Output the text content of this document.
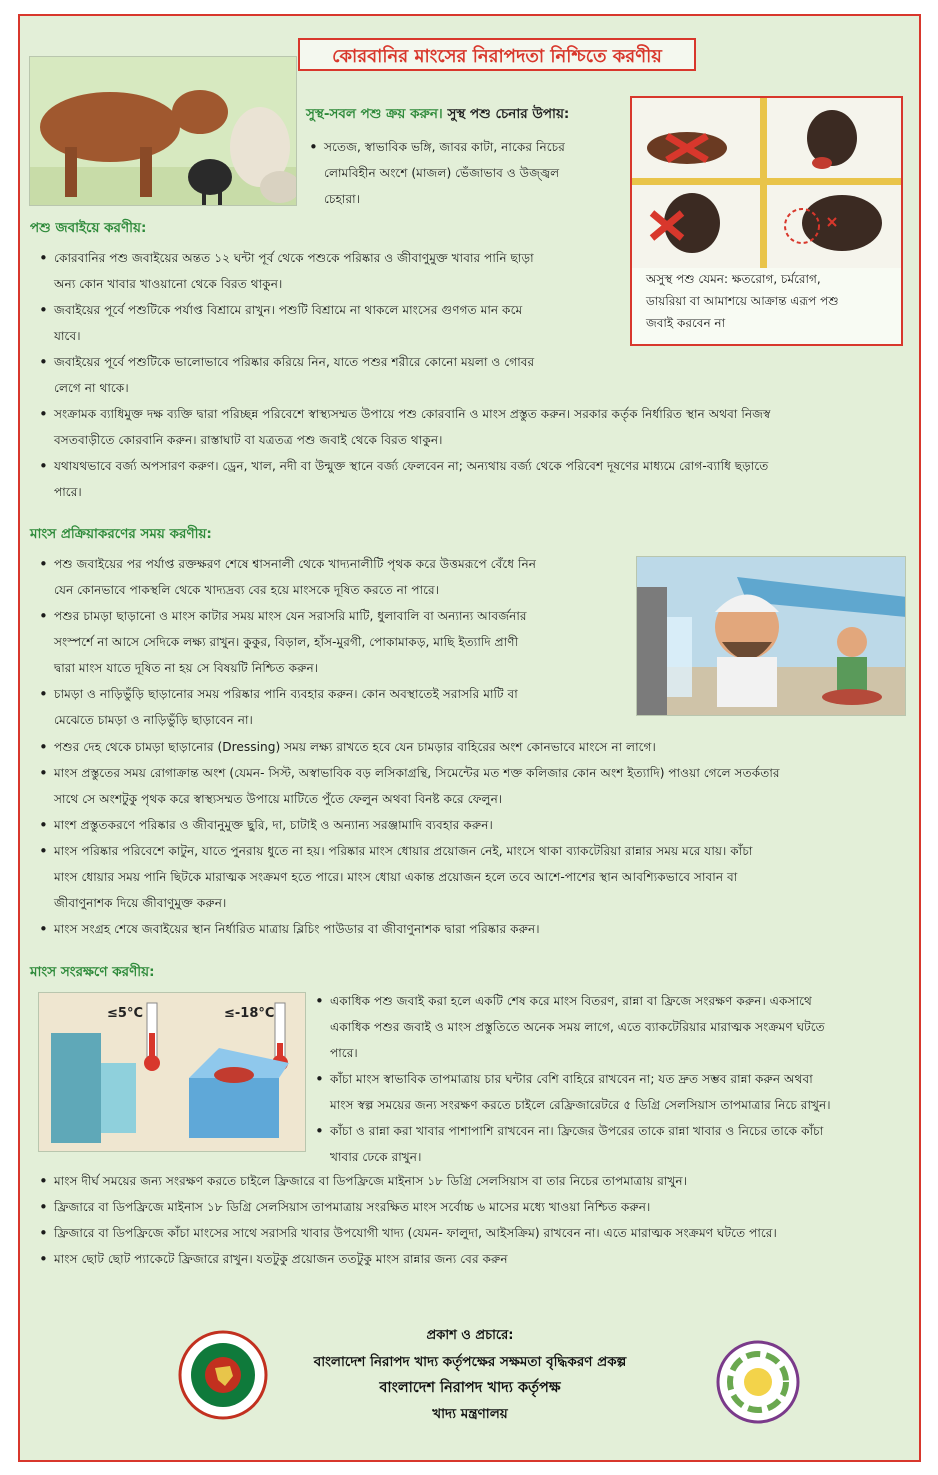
কোরবানির মাংসের নিরাপদতা নিশ্চিতে করণীয়
সুস্থ-সবল পশু ক্রয় করুন। সুস্থ পশু চেনার উপায়:
• সতেজ, স্বাভাবিক ভঙ্গি, জাবর কাটা, নাকের নিচের
লোমবিহীন অংশে (মাজল) ভেঁজাভাব ও উজ্জ্বল
চেহারা।
অসুস্থ পশু যেমন: ক্ষতরোগ, চর্মরোগ,
ডায়রিয়া বা আমাশয়ে আক্রান্ত এরূপ পশু
জবাই করবেন না
পশু জবাইয়ে করণীয়:
• কোরবানির পশু জবাইয়ের অন্তত ১২ ঘন্টা পূর্ব থেকে পশুকে পরিষ্কার ও জীবাণুমুক্ত খাবার পানি ছাড়া
অন্য কোন খাবার খাওয়ানো থেকে বিরত থাকুন।
• জবাইয়ের পূর্বে পশুটিকে পর্যাপ্ত বিশ্রামে রাখুন। পশুটি বিশ্রামে না থাকলে মাংসের গুণগত মান কমে
যাবে।
• জবাইয়ের পূর্বে পশুটিকে ভালোভাবে পরিষ্কার করিয়ে নিন, যাতে পশুর শরীরে কোনো ময়লা ও গোবর
লেগে না থাকে।
• সংক্রামক ব্যাধিমুক্ত দক্ষ ব্যক্তি দ্বারা পরিচ্ছন্ন পরিবেশে স্বাস্থ্যসম্মত উপায়ে পশু কোরবানি ও মাংস প্রস্তুত করুন। সরকার কর্তৃক নির্ধারিত স্থান অথবা নিজস্ব
বসতবাড়ীতে কোরবানি করুন। রাস্তাঘাট বা যত্রতত্র পশু জবাই থেকে বিরত থাকুন।
• যথাযথভাবে বর্জ্য অপসারণ করুণ। ড্রেন, খাল, নদী বা উন্মুক্ত স্থানে বর্জ্য ফেলবেন না; অন্যথায় বর্জ্য থেকে পরিবেশ দূষণের মাধ্যমে রোগ-ব্যাধি ছড়াতে
পারে।
মাংস প্রক্রিয়াকরণের সময় করণীয়:
• পশু জবাইয়ের পর পর্যাপ্ত রক্তক্ষরণ শেষে শ্বাসনালী থেকে খাদ্যনালীটি পৃথক করে উত্তমরূপে বেঁধে নিন
যেন কোনভাবে পাকস্থলি থেকে খাদ্যদ্রব্য বের হয়ে মাংসকে দূষিত করতে না পারে।
• পশুর চামড়া ছাড়ানো ও মাংস কাটার সময় মাংস যেন সরাসরি মাটি, ধুলাবালি বা অন্যান্য আবর্জনার
সংস্পর্শে না আসে সেদিকে লক্ষ্য রাখুন। কুকুর, বিড়াল, হাঁস-মুরগী, পোকামাকড়, মাছি ইত্যাদি প্রাণী
দ্বারা মাংস যাতে দূষিত না হয় সে বিষয়টি নিশ্চিত করুন।
• চামড়া ও নাড়িভুঁড়ি ছাড়ানোর সময় পরিষ্কার পানি ব্যবহার করুন। কোন অবস্থাতেই সরাসরি মাটি বা
মেঝেতে চামড়া ও নাড়িভুঁড়ি ছাড়াবেন না।
• পশুর দেহ থেকে চামড়া ছাড়ানোর (Dressing) সময় লক্ষ্য রাখতে হবে যেন চামড়ার বাহিরের অংশ কোনভাবে মাংসে না লাগে।
• মাংস প্রস্তুতের সময় রোগাক্রান্ত অংশ (যেমন- সিস্ট, অস্বাভাবিক বড় লসিকাগ্রন্থি, সিমেন্টের মত শক্ত কলিজার কোন অংশ ইত্যাদি) পাওয়া গেলে সতর্কতার
সাথে সে অংশটুকু পৃথক করে স্বাস্থ্যসম্মত উপায়ে মাটিতে পুঁতে ফেলুন অথবা বিনষ্ট করে ফেলুন।
• মাংশ প্রস্তুতকরণে পরিষ্কার ও জীবানুমুক্ত ছুরি, দা, চাটাই ও অন্যান্য সরঞ্জামাদি ব্যবহার করুন।
• মাংস পরিষ্কার পরিবেশে কাটুন, যাতে পুনরায় ধুতে না হয়। পরিষ্কার মাংস ধোয়ার প্রয়োজন নেই, মাংসে থাকা ব্যাকটেরিয়া রান্নার সময় মরে যায়। কাঁচা
মাংস ধোয়ার সময় পানি ছিটকে মারাত্মক সংক্রমণ হতে পারে। মাংস ধোয়া একান্ত প্রয়োজন হলে তবে আশে-পাশের স্থান আবশ্যিকভাবে সাবান বা
জীবাণুনাশক দিয়ে জীবাণুমুক্ত করুন।
• মাংস সংগ্রহ শেষে জবাইয়ের স্থান নির্ধারিত মাত্রায় ব্লিচিং পাউডার বা জীবাণুনাশক দ্বারা পরিষ্কার করুন।
মাংস সংরক্ষণে করণীয়:
≤5°C	≤-18°C
• একাধিক পশু জবাই করা হলে একটি শেষ করে মাংস বিতরণ, রান্না বা ফ্রিজে সংরক্ষণ করুন। একসাথে
একাধিক পশুর জবাই ও মাংস প্রস্তুতিতে অনেক সময় লাগে, এতে ব্যাকটেরিয়ার মারাত্মক সংক্রমণ ঘটতে
পারে।
• কাঁচা মাংস স্বাভাবিক তাপমাত্রায় চার ঘন্টার বেশি বাহিরে রাখবেন না; যত দ্রুত সম্ভব রান্না করুন অথবা
মাংস স্বল্প সময়ের জন্য সংরক্ষণ করতে চাইলে রেফ্রিজারেটরে ৫ ডিগ্রি সেলসিয়াস তাপমাত্রার নিচে রাখুন।
• কাঁচা ও রান্না করা খাবার পাশাপাশি রাখবেন না। ফ্রিজের উপরের তাকে রান্না খাবার ও নিচের তাকে কাঁচা
খাবার ঢেকে রাখুন।
• মাংস দীর্ঘ সময়ের জন্য সংরক্ষণ করতে চাইলে ফ্রিজারে বা ডিপফ্রিজে মাইনাস ১৮ ডিগ্রি সেলসিয়াস বা তার নিচের তাপমাত্রায় রাখুন।
• ফ্রিজারে বা ডিপফ্রিজে মাইনাস ১৮ ডিগ্রি সেলসিয়াস তাপমাত্রায় সংরক্ষিত মাংস সর্বোচ্চ ৬ মাসের মধ্যে খাওয়া নিশ্চিত করুন।
• ফ্রিজারে বা ডিপফ্রিজে কাঁচা মাংসের সাথে সরাসরি খাবার উপযোগী খাদ্য (যেমন- ফালুদা, আইসক্রিম) রাখবেন না। এতে মারাত্মক সংক্রমণ ঘটতে পারে।
• মাংস ছোট ছোট প্যাকেটে ফ্রিজারে রাখুন। যতটুকু প্রয়োজন ততটুকু মাংস রান্নার জন্য বের করুন
প্রকাশ ও প্রচারে:
বাংলাদেশ নিরাপদ খাদ্য কর্তৃপক্ষের সক্ষমতা বৃদ্ধিকরণ প্রকল্প
বাংলাদেশ নিরাপদ খাদ্য কর্তৃপক্ষ
খাদ্য মন্ত্রণালয়
